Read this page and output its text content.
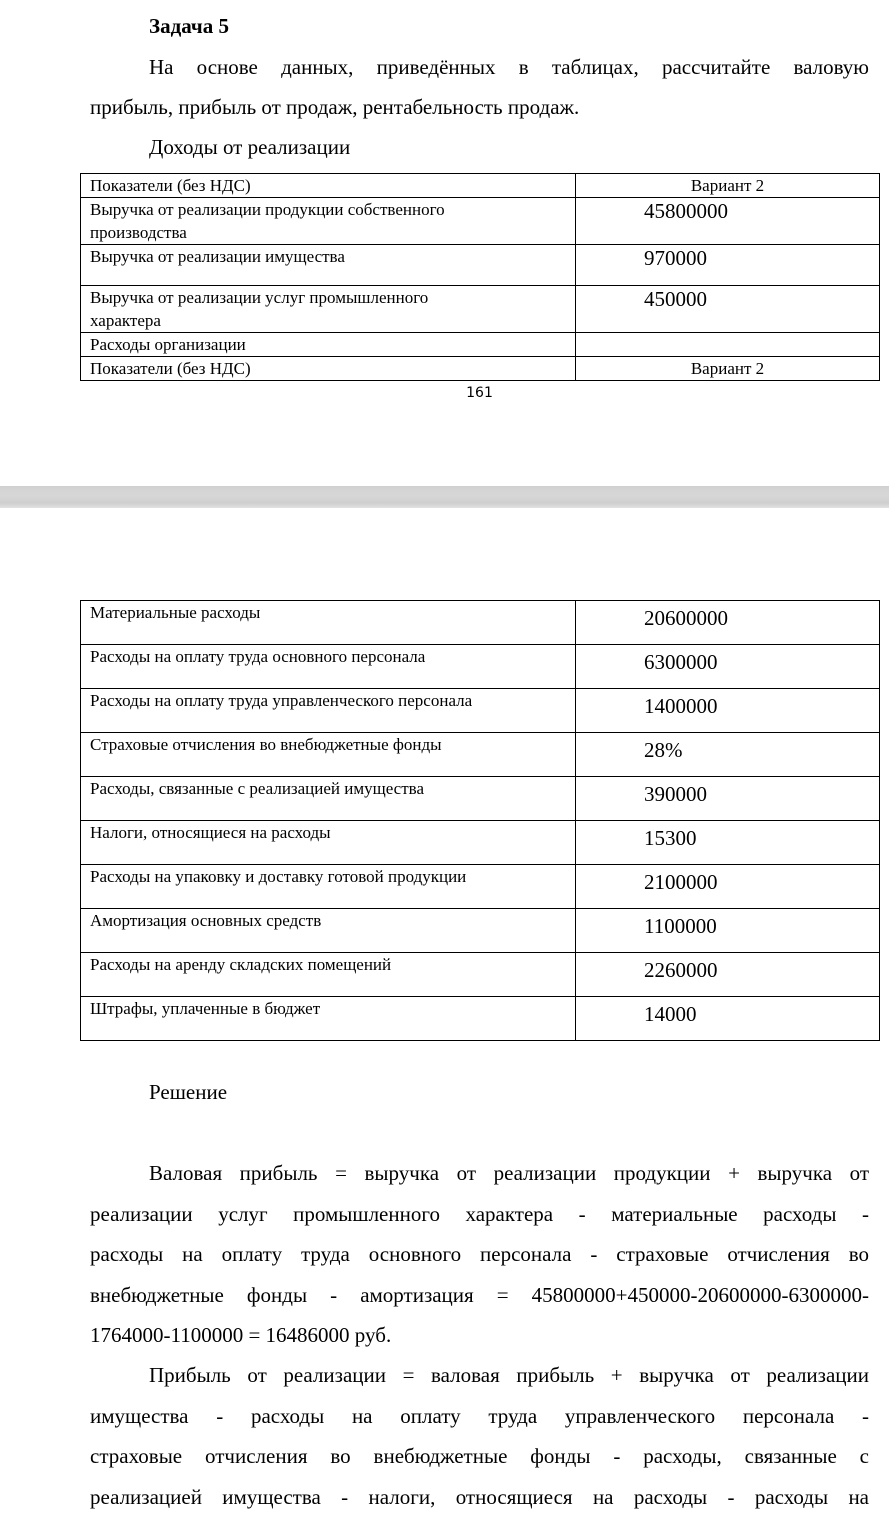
Задача 5
На основе данных, приведённых в таблицах, рассчитайте валовую
прибыль, прибыль от продаж, рентабельность продаж.
Доходы от реализации
Показатели (без НДС)	Вариант 2

Выручка от реализации продукции собственного
производства	45800000

Выручка от реализации имущества	970000

Выручка от реализации услуг промышленного
характера	450000
Расходы организации	
Показатели (без НДС)	Вариант 2
161
Материальные расходы	20600000
Расходы на оплату труда основного персонала	6300000
Расходы на оплату труда управленческого персонала	1400000
Страховые отчисления во внебюджетные фонды	28%
Расходы, связанные с реализацией имущества	390000
Налоги, относящиеся на расходы	15300
Расходы на упаковку и доставку готовой продукции	2100000
Амортизация основных средств	1100000
Расходы на аренду складских помещений	2260000
Штрафы, уплаченные в бюджет	14000
Решение
Валовая прибыль = выручка от реализации продукции + выручка от
реализации услуг промышленного характера - материальные расходы -
расходы на оплату труда основного персонала - страховые отчисления во
внебюджетные фонды - амортизация = 45800000+450000-20600000-6300000-
1764000-1100000 = 16486000 руб.
Прибыль от реализации = валовая прибыль + выручка от реализации
имущества - расходы на оплату труда управленческого персонала -
страховые отчисления во внебюджетные фонды - расходы, связанные с
реализацией имущества - налоги, относящиеся на расходы - расходы на
